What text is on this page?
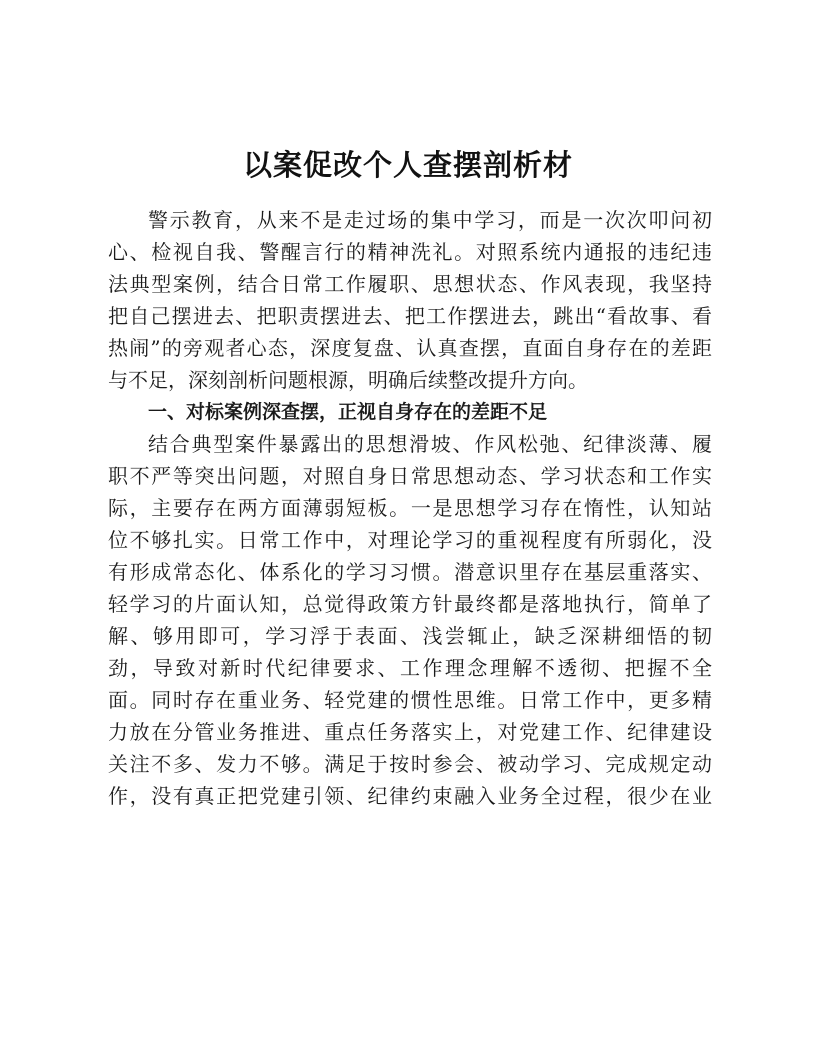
以案促改个人查摆剖析材
警示教育，从来不是走过场的集中学习，而是一次次叩问初
心、检视自我、警醒言行的精神洗礼。对照系统内通报的违纪违
法典型案例，结合日常工作履职、思想状态、作风表现，我坚持
把自己摆进去、把职责摆进去、把工作摆进去，跳出“看故事、看
热闹”的旁观者心态，深度复盘、认真查摆，直面自身存在的差距
与不足，深刻剖析问题根源，明确后续整改提升方向。
一、对标案例深查摆，正视自身存在的差距不足
结合典型案件暴露出的思想滑坡、作风松弛、纪律淡薄、履
职不严等突出问题，对照自身日常思想动态、学习状态和工作实
际，主要存在两方面薄弱短板。一是思想学习存在惰性，认知站
位不够扎实。日常工作中，对理论学习的重视程度有所弱化，没
有形成常态化、体系化的学习习惯。潜意识里存在基层重落实、
轻学习的片面认知，总觉得政策方针最终都是落地执行，简单了
解、够用即可，学习浮于表面、浅尝辄止，缺乏深耕细悟的韧
劲，导致对新时代纪律要求、工作理念理解不透彻、把握不全
面。同时存在重业务、轻党建的惯性思维。日常工作中，更多精
力放在分管业务推进、重点任务落实上，对党建工作、纪律建设
关注不多、发力不够。满足于按时参会、被动学习、完成规定动
作，没有真正把党建引领、纪律约束融入业务全过程，很少在业
